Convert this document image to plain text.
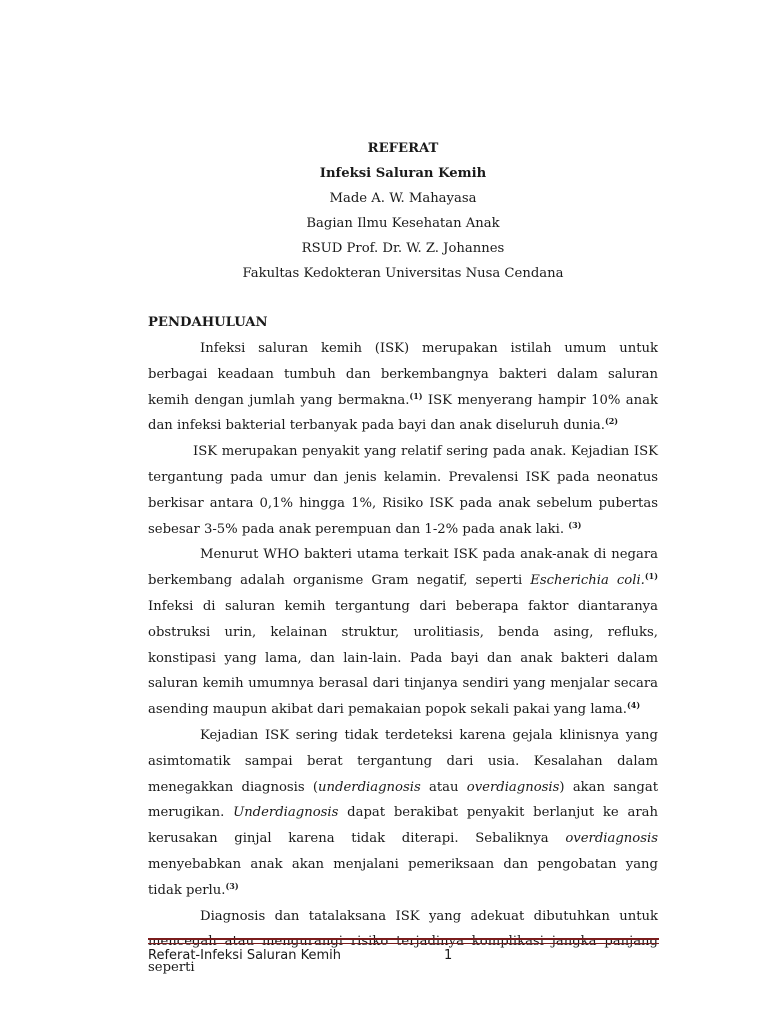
REFERAT
Infeksi Saluran Kemih
Made A. W. Mahayasa
Bagian Ilmu Kesehatan Anak
RSUD Prof. Dr. W. Z. Johannes
Fakultas Kedokteran Universitas Nusa Cendana
PENDAHULUAN

Infeksi saluran kemih (ISK) merupakan istilah umum untuk berbagai keadaan tumbuh dan berkembangnya bakteri dalam saluran kemih dengan jumlah yang bermakna.$^{(1)}$ ISK menyerang hampir 10% anak dan infeksi bakterial terbanyak pada bayi dan anak diseluruh dunia.$^{(2)}$

ISK merupakan penyakit yang relatif sering pada anak. Kejadian ISK tergantung pada umur dan jenis kelamin. Prevalensi ISK pada neonatus berkisar antara 0,1% hingga 1%, Risiko ISK pada anak sebelum pubertas sebesar 3-5% pada anak perempuan dan 1-2% pada anak laki. $^{(3)}$

Menurut WHO bakteri utama terkait ISK pada anak-anak di negara berkembang adalah organisme Gram negatif, seperti Escherichia coli.$^{(1)}$ Infeksi di saluran kemih tergantung dari beberapa faktor diantaranya obstruksi urin, kelainan struktur, urolitiasis, benda asing, refluks, konstipasi yang lama, dan lain-lain. Pada bayi dan anak bakteri dalam saluran kemih umumnya berasal dari tinjanya sendiri yang menjalar secara asending maupun akibat dari pemakaian popok sekali pakai yang lama.$^{(4)}$

Kejadian ISK sering tidak terdeteksi karena gejala klinisnya yang asimtomatik sampai berat tergantung dari usia. Kesalahan dalam menegakkan diagnosis (underdiagnosis atau overdiagnosis) akan sangat merugikan. Underdiagnosis dapat berakibat penyakit berlanjut ke arah kerusakan ginjal karena tidak diterapi. Sebaliknya overdiagnosis menyebabkan anak akan menjalani pemeriksaan dan pengobatan yang tidak perlu.$^{(3)}$

Diagnosis dan tatalaksana ISK yang adekuat dibutuhkan untuk mencegah atau mengurangi risiko terjadinya komplikasi jangka panjang seperti

Referat-Infeksi Saluran Kemih	1
